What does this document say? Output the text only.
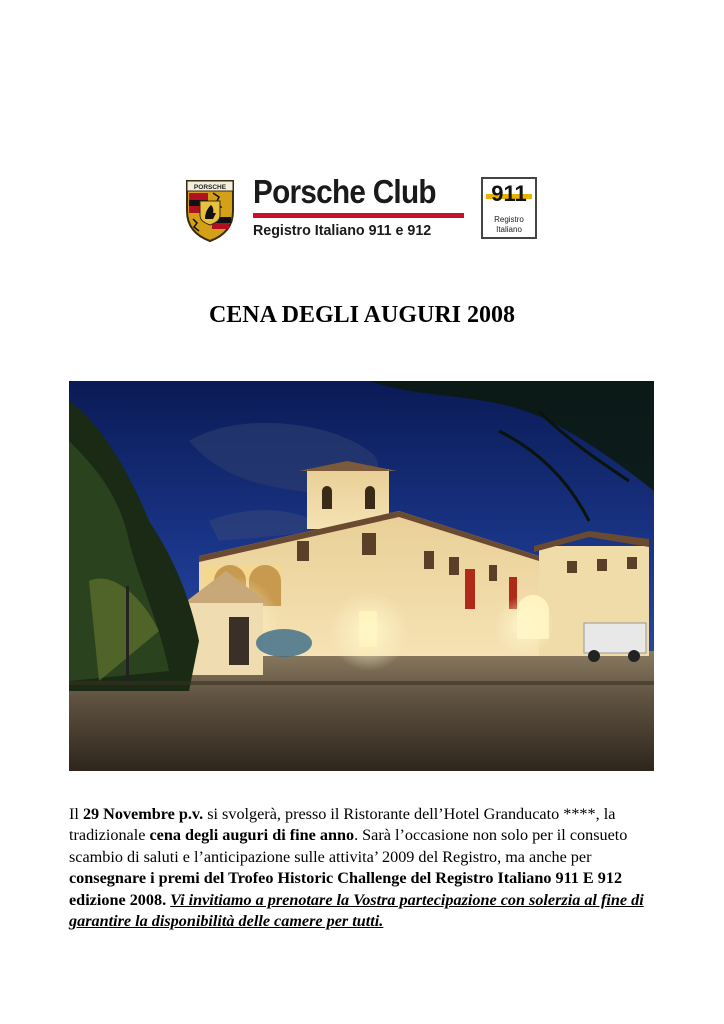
PORSCHE Porsche Club
Registro Italiano 911 e 912
911
Registro
Italiano
CENA DEGLI AUGURI 2008
Il 29 Novembre p.v. si svolgerà, presso il Ristorante dell’Hotel Granducato ****, la tradizionale cena degli auguri di fine anno. Sarà l’occasione non solo per il consueto scambio di saluti e l’anticipazione sulle attivita’ 2009 del Registro, ma anche per consegnare i premi del Trofeo Historic Challenge del Registro Italiano 911 E 912 edizione 2008. Vi invitiamo a prenotare la Vostra partecipazione con solerzia al fine di garantire la disponibilità delle camere per tutti.
